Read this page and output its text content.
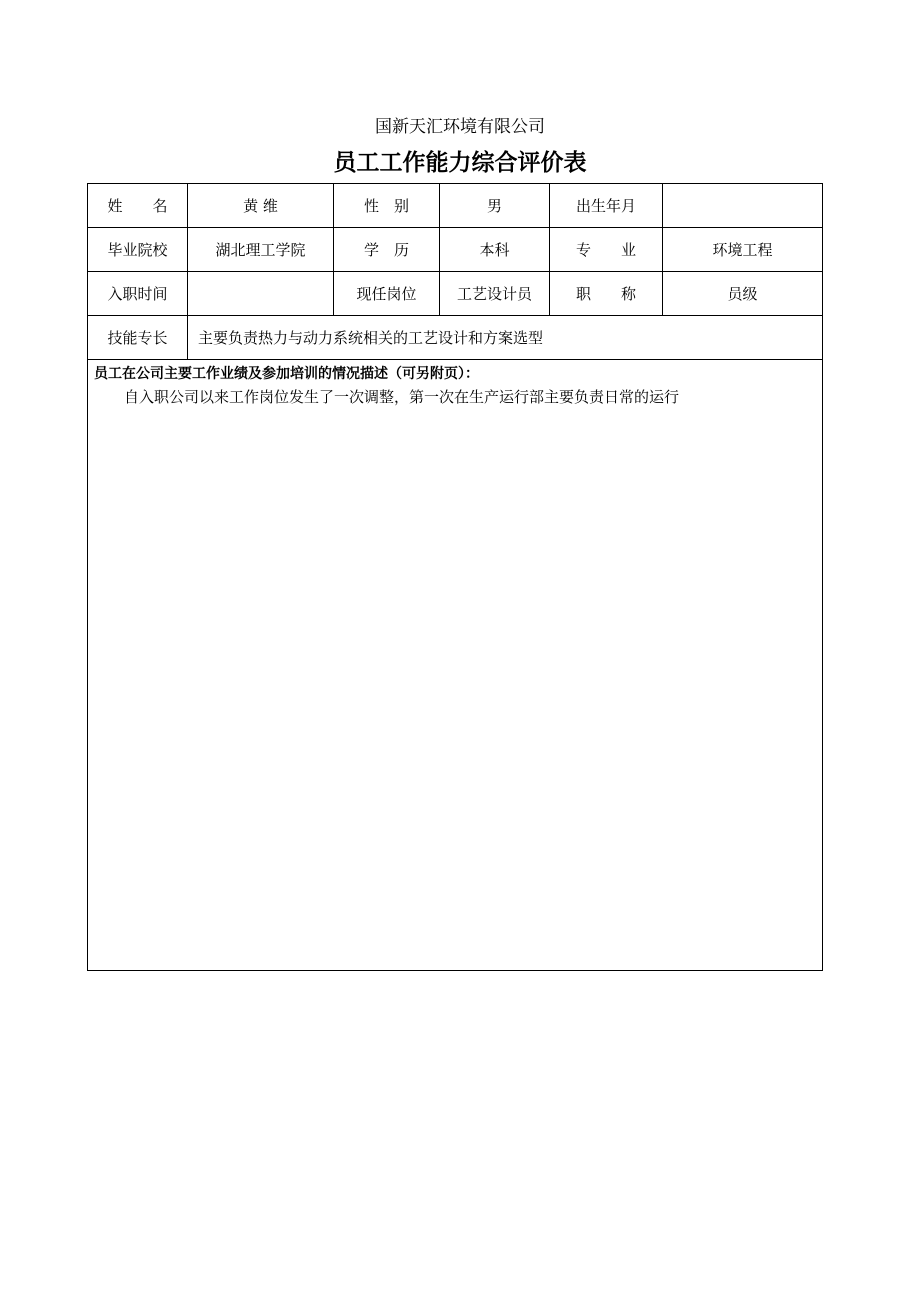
国新天汇环境有限公司
员工工作能力综合评价表
姓　　名	黄 维	性　别	男	出生年月	
毕业院校	湖北理工学院	学　历	本科	专　　业	环境工程
入职时间		现任岗位	工艺设计员	职　　称	员级
技能专长	主要负责热力与动力系统相关的工艺设计和方案选型				

员工在公司主要工作业绩及参加培训的情况描述（可另附页）：
自入职公司以来工作岗位发生了一次调整，第一次在生产运行部主要负责日常的运行					
